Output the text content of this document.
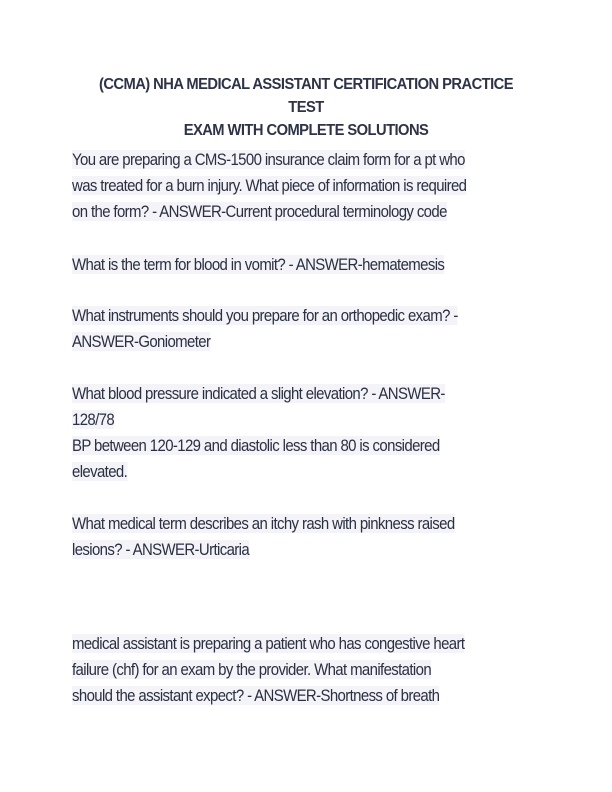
(CCMA) NHA MEDICAL ASSISTANT CERTIFICATION PRACTICE TEST
EXAM WITH COMPLETE SOLUTIONS
You are preparing a CMS-1500 insurance claim form for a pt who
was treated for a burn injury. What piece of information is required
on the form? - ANSWER-Current procedural terminology code
What is the term for blood in vomit? - ANSWER-hematemesis
What instruments should you prepare for an orthopedic exam? -
ANSWER-Goniometer
What blood pressure indicated a slight elevation? - ANSWER-
128/78
BP between 120-129 and diastolic less than 80 is considered
elevated.
What medical term describes an itchy rash with pinkness raised
lesions? - ANSWER-Urticaria
medical assistant is preparing a patient who has congestive heart
failure (chf) for an exam by the provider. What manifestation
should the assistant expect? - ANSWER-Shortness of breath
